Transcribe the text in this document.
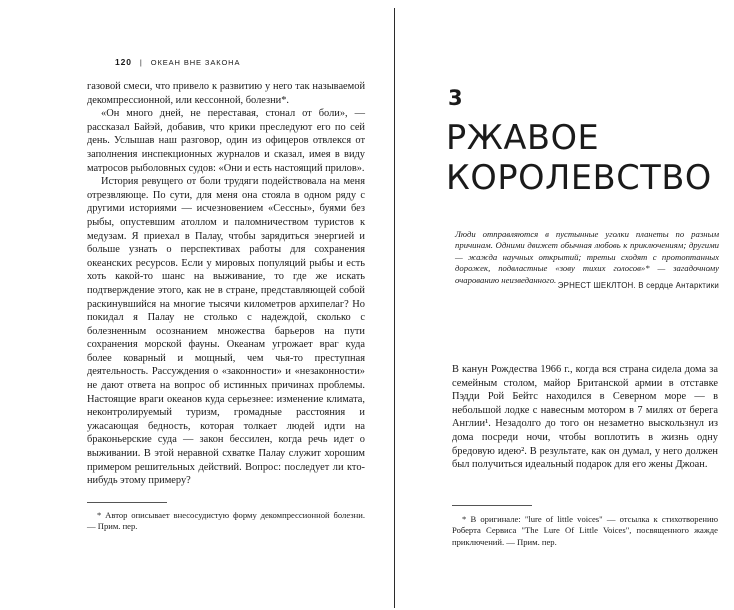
120 | ОКЕАН ВНЕ ЗАКОНА

газовой смеси, что привело к развитию у него так называемой декомпрессионной, или кессонной, болезни*.

«Он много дней, не переставая, стонал от боли», — рассказал Байэй, добавив, что крики преследуют его по сей день. Услышав наш разговор, один из офицеров отвлекся от заполнения инспекционных журналов и сказал, имея в виду матросов рыболовных судов: «Они и есть настоящий прилов».

История ревущего от боли трудяги подействовала на меня отрезвляюще. По сути, для меня она стояла в одном ряду с другими историями — исчезновением «Сессны», буями без рыбы, опустевшим атоллом и паломничеством туристов к медузам. Я приехал в Палау, чтобы зарядиться энергией и больше узнать о перспективах работы для сохранения океанских ресурсов. Если у мировых популяций рыбы и есть хоть какой-то шанс на выживание, то где же искать подтверждение этого, как не в стране, представляющей собой раскинувшийся на многие тысячи километров архипелаг? Но покидал я Палау не столько с надеждой, сколько с болезненным осознанием множества барьеров на пути сохранения морской фауны. Океанам угрожает враг куда более коварный и мощный, чем чья-то преступная деятельность. Рассуждения о «законности» и «незаконности» не дают ответа на вопрос об истинных причинах проблемы. Настоящие враги океанов куда серьезнее: изменение климата, неконтролируемый туризм, громадные расстояния и ужасающая бедность, которая толкает людей идти на браконьерские суда — закон бессилен, когда речь идет о выживании. В этой неравной схватке Палау служит хорошим примером решительных действий. Вопрос: последует ли кто-нибудь этому примеру?

* Автор описывает внесосудистую форму декомпрессионной болезни. — Прим. пер.
3
РЖАВОЕ КОРОЛЕВСТВО
Люди отправляются в пустынные уголки планеты по разным причинам. Одними движет обычная любовь к приключениям; другими — жажда научных открытий; третьи сходят с протоптанных дорожек, подвластные «зову тихих голосов»* — загадочному очарованию неизведанного.
ЭРНЕСТ ШЕКЛТОН. В сердце Антарктики

В канун Рождества 1966 г., когда вся страна сидела дома за семейным столом, майор Британской армии в отставке Пэдди Рой Бейтс находился в Северном море — в небольшой лодке с навесным мотором в 7 милях от берега Англии¹. Незадолго до того он незаметно выскользнул из дома посреди ночи, чтобы воплотить в жизнь одну бредовую идею². В результате, как он думал, у него должен был получиться идеальный подарок для его жены Джоан.

* В оригинале: "lure of little voices" — отсылка к стихотворению Роберта Сервиса "The Lure Of Little Voices", посвященного жажде приключений. — Прим. пер.
